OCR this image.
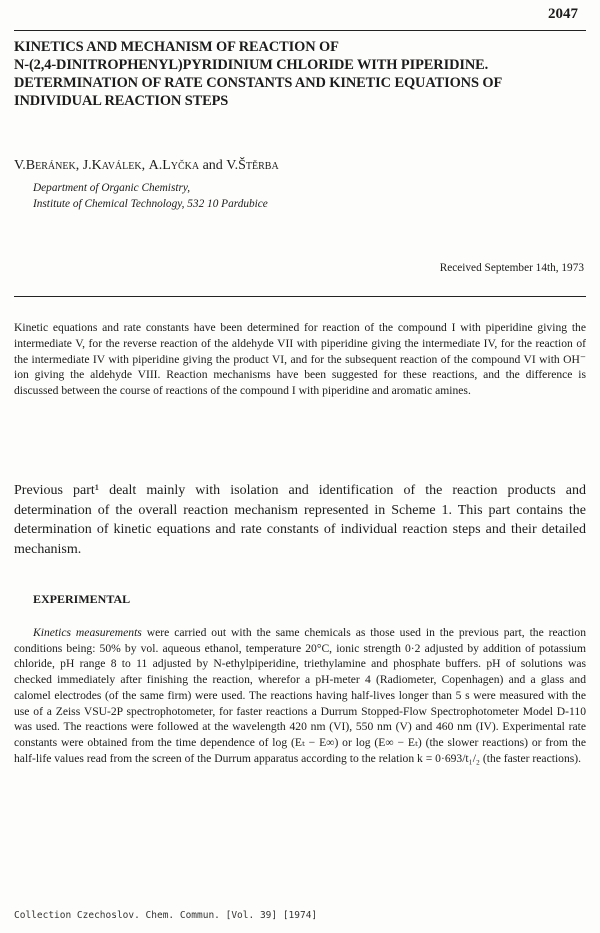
2047
KINETICS AND MECHANISM OF REACTION OF
N-(2,4-DINITROPHENYL)PYRIDINIUM CHLORIDE WITH PIPERIDINE.
DETERMINATION OF RATE CONSTANTS AND KINETIC EQUATIONS OF
INDIVIDUAL REACTION STEPS
V.Beránek, J.Kaválek, A.Lyčka and V.Štěrba
Department of Organic Chemistry,
Institute of Chemical Technology, 532 10 Pardubice
Received September 14th, 1973
Kinetic equations and rate constants have been determined for reaction of the compound I with piperidine giving the intermediate V, for the reverse reaction of the aldehyde VII with piperidine giving the intermediate IV, for the reaction of the intermediate IV with piperidine giving the product VI, and for the subsequent reaction of the compound VI with OH⁻ ion giving the aldehyde VIII. Reaction mechanisms have been suggested for these reactions, and the difference is discussed between the course of reactions of the compound I with piperidine and aromatic amines.
Previous part¹ dealt mainly with isolation and identification of the reaction products and determination of the overall reaction mechanism represented in Scheme 1. This part contains the determination of kinetic equations and rate constants of individual reaction steps and their detailed mechanism.
EXPERIMENTAL
Kinetics measurements were carried out with the same chemicals as those used in the previous part, the reaction conditions being: 50% by vol. aqueous ethanol, temperature 20°C, ionic strength 0·2 adjusted by addition of potassium chloride, pH range 8 to 11 adjusted by N-ethylpiperidine, triethylamine and phosphate buffers. pH of solutions was checked immediately after finishing the reaction, wherefor a pH-meter 4 (Radiometer, Copenhagen) and a glass and calomel electrodes (of the same firm) were used. The reactions having half-lives longer than 5 s were measured with the use of a Zeiss VSU-2P spectrophotometer, for faster reactions a Durrum Stopped-Flow Spectrophotometer Model D-110 was used. The reactions were followed at the wavelength 420 nm (VI), 550 nm (V) and 460 nm (IV). Experimental rate constants were obtained from the time dependence of log (Eₜ − E∞) or log (E∞ − Eₜ) (the slower reactions) or from the half-life values read from the screen of the Durrum apparatus according to the relation k = 0·693/t₁/₂ (the faster reactions).
Collection Czechoslov. Chem. Commun. [Vol. 39] [1974]
